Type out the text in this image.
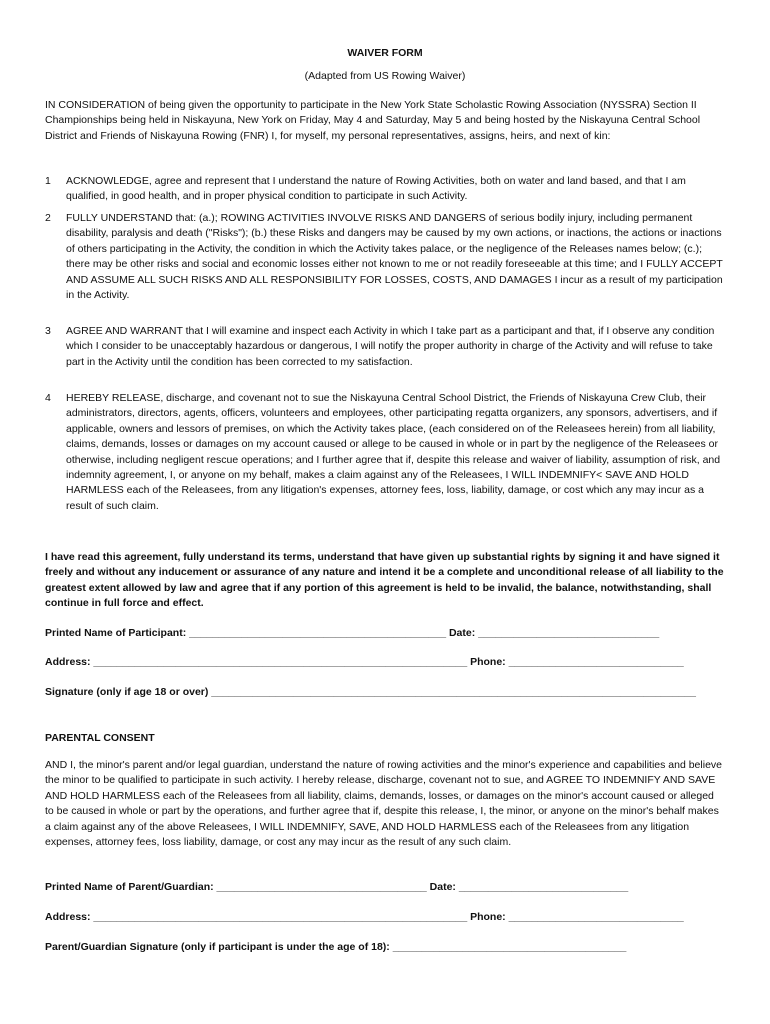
WAIVER FORM
(Adapted from US Rowing Waiver)

IN CONSIDERATION of being given the opportunity to participate in the New York State Scholastic Rowing Association (NYSSRA) Section II Championships being held in Niskayuna, New York on Friday, May 4 and Saturday, May 5 and being hosted by the Niskayuna Central School District and Friends of Niskayuna Rowing (FNR) I, for myself, my personal representatives, assigns, heirs, and next of kin:

1	ACKNOWLEDGE, agree and represent that I understand the nature of Rowing Activities, both on water and land based, and that I am qualified, in good health, and in proper physical condition to participate in such Activity.

2	FULLY UNDERSTAND that: (a.); ROWING ACTIVITIES INVOLVE RISKS AND DANGERS of serious bodily injury, including permanent disability, paralysis and death ("Risks"); (b.) these Risks and dangers may be caused by my own actions, or inactions, the actions or inactions of others participating in the Activity, the condition in which the Activity takes palace, or the negligence of the Releases names below; (c.); there may be other risks and social and economic losses either not known to me or not readily foreseeable at this time; and I FULLY ACCEPT AND ASSUME ALL SUCH RISKS AND ALL RESPONSIBILITY FOR LOSSES, COSTS, AND DAMAGES I incur as a result of my participation in the Activity.

3	AGREE AND WARRANT that I will examine and inspect each Activity in which I take part as a participant and that, if I observe any condition which I consider to be unacceptably hazardous or dangerous, I will notify the proper authority in charge of the Activity and will refuse to take part in the Activity until the condition has been corrected to my satisfaction.

4	HEREBY RELEASE, discharge, and covenant not to sue the Niskayuna Central School District, the Friends of Niskayuna Crew Club, their administrators, directors, agents, officers, volunteers and employees, other participating regatta organizers, any sponsors, advertisers, and if applicable, owners and lessors of premises, on which the Activity takes place, (each considered on of the Releasees herein) from all liability, claims, demands, losses or damages on my account caused or allege to be caused in whole or in part by the negligence of the Releasees or otherwise, including negligent rescue operations; and I further agree that if, despite this release and waiver of liability, assumption of risk, and indemnity agreement, I, or anyone on my behalf, makes a claim against any of the Releasees, I WILL INDEMNIFY< SAVE AND HOLD HARMLESS each of the Releasees, from any litigation's expenses, attorney fees, loss, liability, damage, or cost which any may incur as a result of such claim.

I have read this agreement, fully understand its terms, understand that have given up substantial rights by signing it and have signed it freely and without any inducement or assurance of any nature and intend it be a complete and unconditional release of all liability to the greatest extent allowed by law and agree that if any portion of this agreement is held to be invalid, the balance, notwithstanding, shall continue in full force and effect.

Printed Name of Participant: ____________________________________________ Date: _______________________________
Address: ________________________________________________________________ Phone: ______________________________
Signature (only if age 18 or over) ___________________________________________________________________________________
PARENTAL CONSENT

AND I, the minor's parent and/or legal guardian, understand the nature of rowing activities and the minor's experience and capabilities and believe the minor to be qualified to participate in such activity. I hereby release, discharge, covenant not to sue, and AGREE TO INDEMNIFY AND SAVE AND HOLD HARMLESS each of the Releasees from all liability, claims, demands, losses, or damages on the minor's account caused or alleged to be caused in whole or part by the operations, and further agree that if, despite this release, I, the minor, or anyone on the minor's behalf makes a claim against any of the above Releasees, I WILL INDEMNIFY, SAVE, AND HOLD HARMLESS each of the Releasees from any litigation expenses, attorney fees, loss liability, damage, or cost any may incur as the result of any such claim.

Printed Name of Parent/Guardian: ____________________________________ Date: _____________________________
Address: ________________________________________________________________ Phone: ______________________________
Parent/Guardian Signature (only if participant is under the age of 18): ________________________________________
